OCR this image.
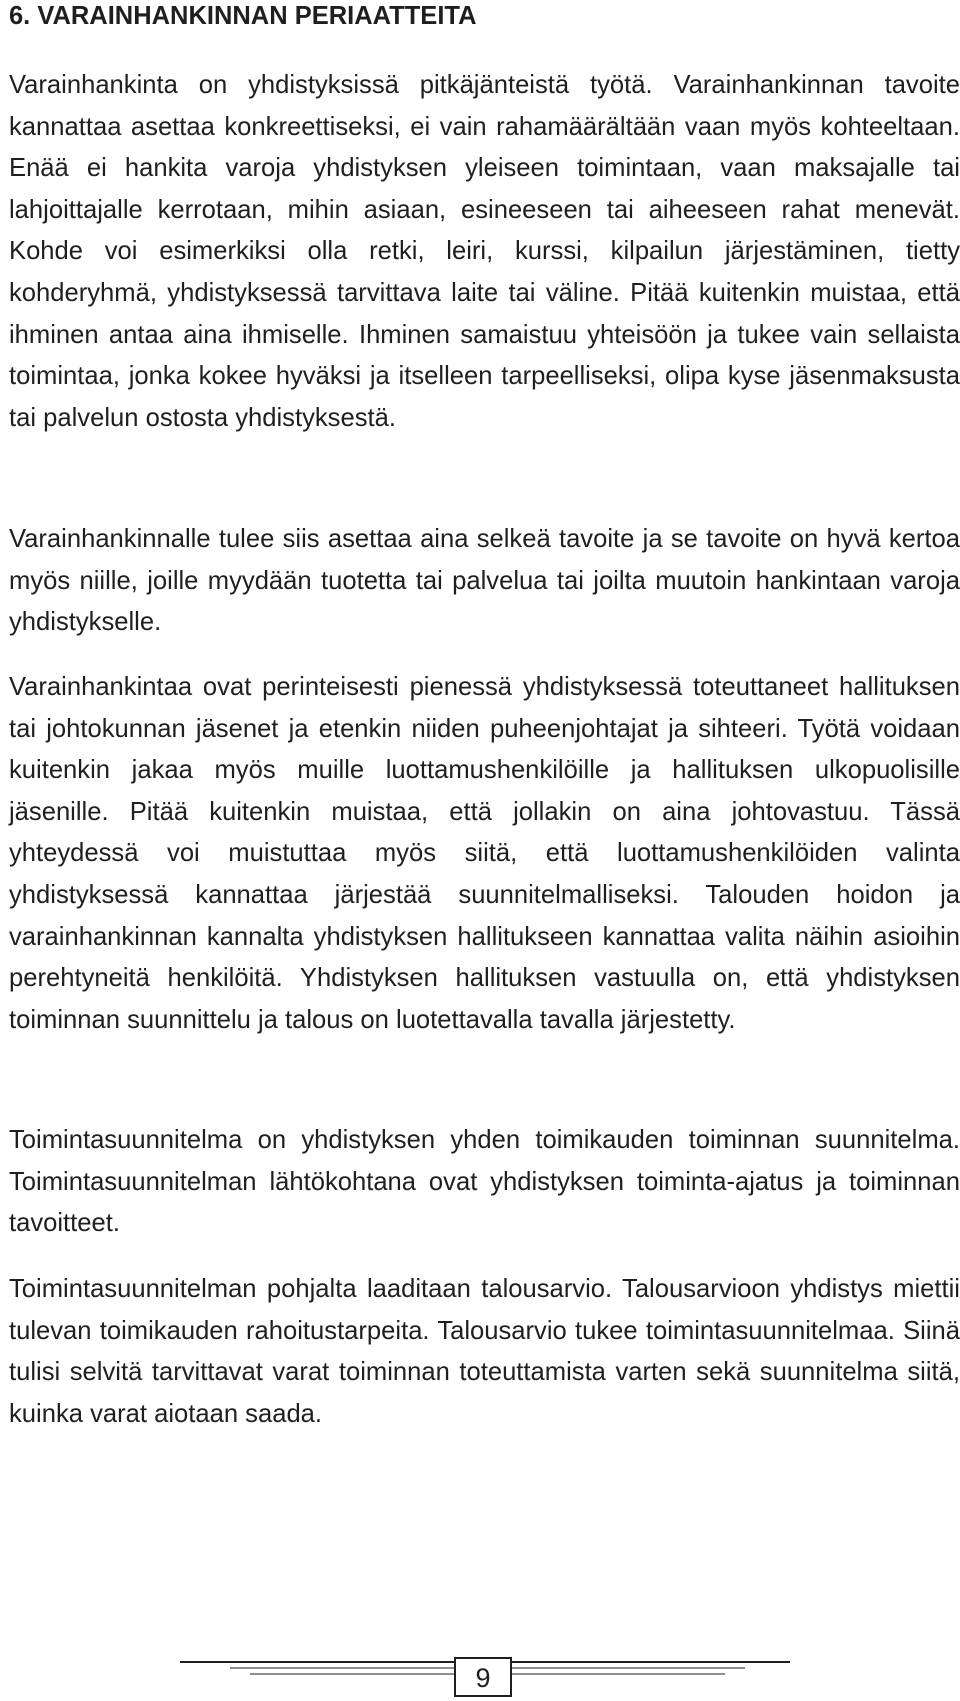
6. VARAINHANKINNAN PERIAATTEITA

Varainhankinta on yhdistyksissä pitkäjänteistä työtä. Varainhankinnan tavoite kannattaa asettaa konkreettiseksi, ei vain rahamäärältään vaan myös kohteeltaan. Enää ei hankita varoja yhdistyksen yleiseen toimintaan, vaan maksajalle tai lahjoittajalle kerrotaan, mihin asiaan, esineeseen tai aiheeseen rahat menevät. Kohde voi esimerkiksi olla retki, leiri, kurssi, kilpailun järjestäminen, tietty kohderyhmä, yhdistyksessä tarvittava laite tai väline. Pitää kuitenkin muistaa, että ihminen antaa aina ihmiselle. Ihminen samaistuu yhteisöön ja tukee vain sellaista toimintaa, jonka kokee hyväksi ja itselleen tarpeelliseksi, olipa kyse jäsenmaksusta tai palvelun ostosta yhdistyksestä.

Varainhankinnalle tulee siis asettaa aina selkeä tavoite ja se tavoite on hyvä kertoa myös niille, joille myydään tuotetta tai palvelua tai joilta muutoin hankintaan varoja yhdistykselle.

Varainhankintaa ovat perinteisesti pienessä yhdistyksessä toteuttaneet hallituksen tai johtokunnan jäsenet ja etenkin niiden puheenjohtajat ja sihteeri. Työtä voidaan kuitenkin jakaa myös muille luottamushenkilöille ja hallituksen ulkopuolisille jäsenille. Pitää kuitenkin muistaa, että jollakin on aina johtovastuu. Tässä yhteydessä voi muistuttaa myös siitä, että luottamushenkilöiden valinta yhdistyksessä kannattaa järjestää suunnitelmalliseksi. Talouden hoidon ja varainhankinnan kannalta yhdistyksen hallitukseen kannattaa valita näihin asioihin perehtyneitä henkilöitä. Yhdistyksen hallituksen vastuulla on, että yhdistyksen toiminnan suunnittelu ja talous on luotettavalla tavalla järjestetty.

Toimintasuunnitelma on yhdistyksen yhden toimikauden toiminnan suunnitelma. Toimintasuunnitelman lähtökohtana ovat yhdistyksen toiminta-ajatus ja toiminnan tavoitteet.

Toimintasuunnitelman pohjalta laaditaan talousarvio. Talousarvioon yhdistys miettii tulevan toimikauden rahoitustarpeita. Talousarvio tukee toimintasuunnitelmaa. Siinä tulisi selvitä tarvittavat varat toiminnan toteuttamista varten sekä suunnitelma siitä, kuinka varat aiotaan saada.

9
